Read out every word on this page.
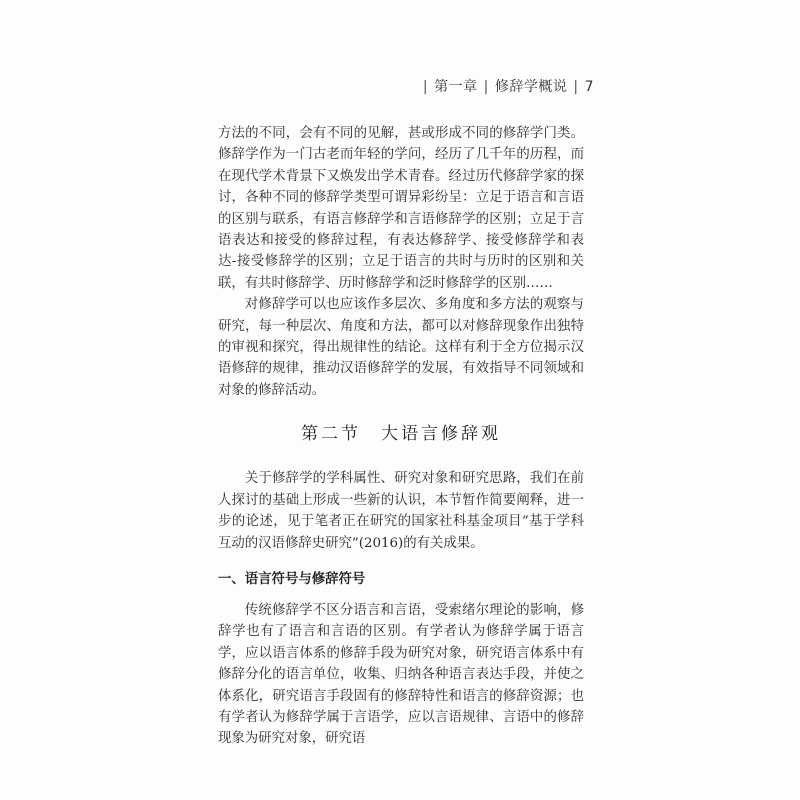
| 第一章 | 修辞学概说 | 7

方法的不同，会有不同的见解，甚或形成不同的修辞学门类。修辞学作为一门古老而年轻的学问，经历了几千年的历程，而在现代学术背景下又焕发出学术青春。经过历代修辞学家的探讨，各种不同的修辞学类型可谓异彩纷呈：立足于语言和言语的区别与联系，有语言修辞学和言语修辞学的区别；立足于言语表达和接受的修辞过程，有表达修辞学、接受修辞学和表达-接受修辞学的区别；立足于语言的共时与历时的区别和关联，有共时修辞学、历时修辞学和泛时修辞学的区别……

对修辞学可以也应该作多层次、多角度和多方法的观察与研究，每一种层次、角度和方法，都可以对修辞现象作出独特的审视和探究，得出规律性的结论。这样有利于全方位揭示汉语修辞的规律，推动汉语修辞学的发展，有效指导不同领域和对象的修辞活动。

第二节　大语言修辞观

关于修辞学的学科属性、研究对象和研究思路，我们在前人探讨的基础上形成一些新的认识，本节暂作简要阐释，进一步的论述，见于笔者正在研究的国家社科基金项目“基于学科互动的汉语修辞史研究”(2016)的有关成果。

一、语言符号与修辞符号

传统修辞学不区分语言和言语，受索绪尔理论的影响，修辞学也有了语言和言语的区别。有学者认为修辞学属于语言学，应以语言体系的修辞手段为研究对象，研究语言体系中有修辞分化的语言单位，收集、归纳各种语言表达手段，并使之体系化，研究语言手段固有的修辞特性和语言的修辞资源；也有学者认为修辞学属于言语学，应以言语规律、言语中的修辞现象为研究对象，研究语
